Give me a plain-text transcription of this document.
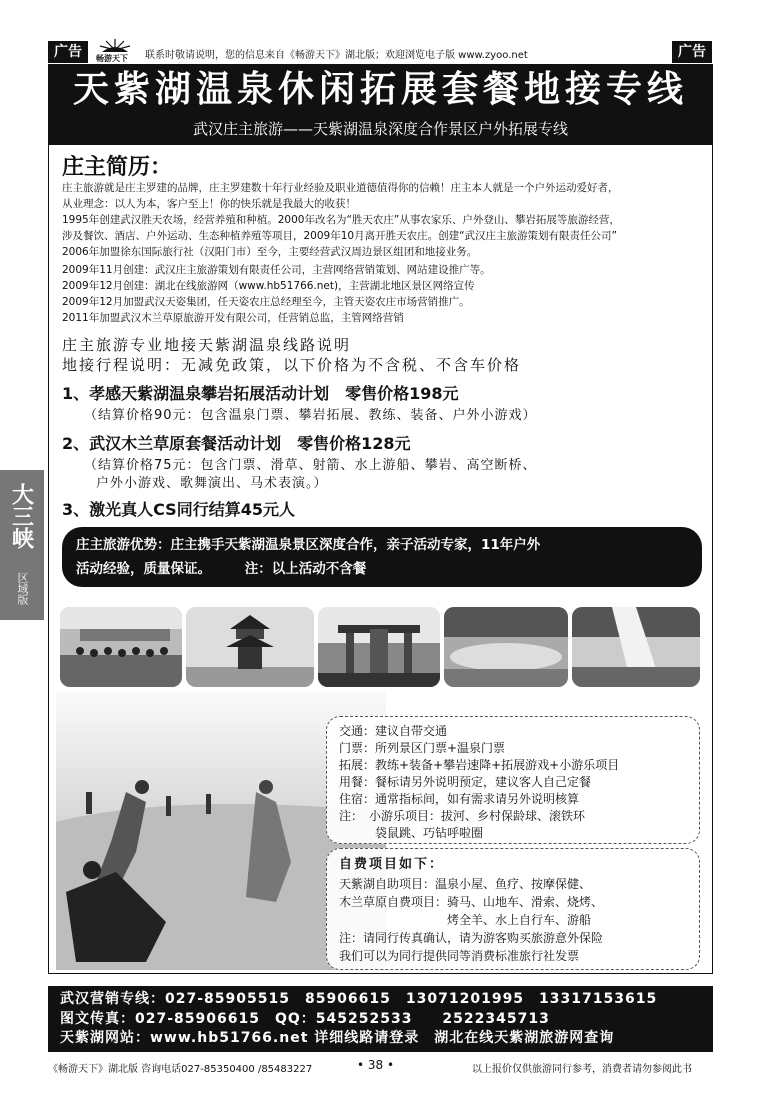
广告	畅游天下 联系时敬请说明，您的信息来自《畅游天下》湖北版；欢迎浏览电子版 www.zyoo.net	广告
天紫湖温泉休闲拓展套餐地接专线
武汉庄主旅游——天紫湖温泉深度合作景区户外拓展专线
庄主简历：
庄主旅游就是庄主罗建的品牌，庄主罗建数十年行业经验及职业道德值得你的信赖！庄主本人就是一个户外运动爱好者，
从业理念：以人为本，客户至上！你的快乐就是我最大的收获！
1995年创建武汉胜天农场，经营养殖和种植。2000年改名为“胜天农庄”从事农家乐、户外登山、攀岩拓展等旅游经营，
涉及餐饮、酒店、户外运动、生态种植养殖等项目，2009年10月离开胜天农庄。创建“武汉庄主旅游策划有限责任公司”
2006年加盟徐东国际旅行社（汉阳门市）至今，主要经营武汉周边景区组团和地接业务。
2009年11月创建：武汉庄主旅游策划有限责任公司，主营网络营销策划、网站建设推广等。
2009年12月创建：湖北在线旅游网（www.hb51766.net)，主营湖北地区景区网络宣传
2009年12月加盟武汉天姿集团，任天姿农庄总经理至今，主管天姿农庄市场营销推广。
2011年加盟武汉木兰草原旅游开发有限公司，任营销总监，主管网络营销
庄主旅游专业地接天紫湖温泉线路说明
地接行程说明：无减免政策，以下价格为不含税、不含车价格
1、孝感天紫湖温泉攀岩拓展活动计划　零售价格198元
（结算价格90元：包含温泉门票、攀岩拓展、教练、装备、户外小游戏）
2、武汉木兰草原套餐活动计划　零售价格128元
（结算价格75元：包含门票、滑草、射箭、水上游船、攀岩、高空断桥、
户外小游戏、歌舞演出、马术表演。）
3、激光真人CS同行结算45元人
庄主旅游优势：庄主携手天紫湖温泉景区深度合作，亲子活动专家，11年户外
活动经验，质量保证。　　　注：以上活动不含餐
交通：建议自带交通
门票：所列景区门票+温泉门票
拓展：教练+装备+攀岩速降+拓展游戏+小游乐项目
用餐：餐标请另外说明预定，建议客人自己定餐
住宿：通常指标间，如有需求请另外说明核算
注：　小游乐项目：拔河、乡村保龄球、滚铁环
　　　袋鼠跳、巧钻呼啦圈
自费项目如下：
天紫湖自助项目：温泉小屋、鱼疗、按摩保健、
木兰草原自费项目：骑马、山地车、滑索、烧烤、
　　　　　　　　　烤全羊、水上自行车、游船
注：请同行传真确认，请为游客购买旅游意外保险
我们可以为同行提供同等消费标准旅行社发票
武汉营销专线：027-85905515　85906615　13071201995　13317153615
图文传真：027-85906615　QQ：545252533　　2522345713
天紫湖网站：www.hb51766.net 详细线路请登录　湖北在线天紫湖旅游网查询
《畅游天下》湖北版 咨询电话027-85350400 /85483227	• 38 •	以上报价仅供旅游同行参考，消费者请勿参阅此书
大三峡
区域版
